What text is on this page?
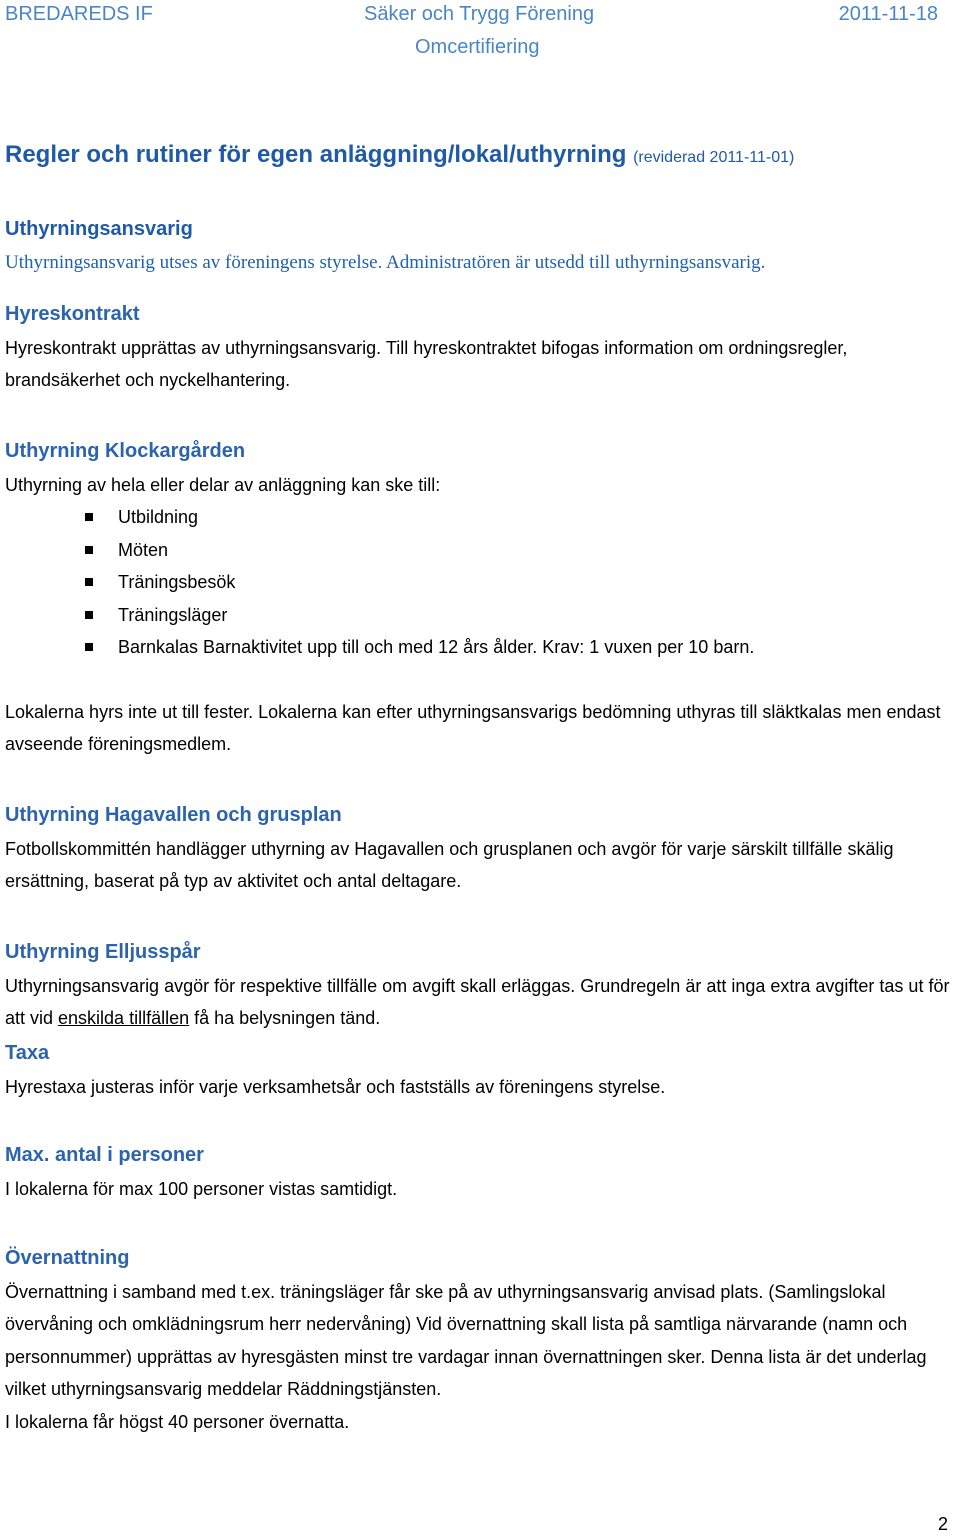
BREDAREDS IF	Säker och Trygg Förening	2011-11-18
Omcertifiering

Regler och rutiner för egen anläggning/lokal/uthyrning (reviderad 2011-11-01)

Uthyrningsansvarig

Uthyrningsansvarig utses av föreningens styrelse. Administratören är utsedd till uthyrningsansvarig.

Hyreskontrakt

Hyreskontrakt upprättas av uthyrningsansvarig. Till hyreskontraktet bifogas information om ordningsregler, brandsäkerhet och nyckelhantering.

Uthyrning Klockargården

Uthyrning av hela eller delar av anläggning kan ske till:

Utbildning
Möten
Träningsbesök
Träningsläger
Barnkalas Barnaktivitet upp till och med 12 års ålder. Krav: 1 vuxen per 10 barn.

Lokalerna hyrs inte ut till fester. Lokalerna kan efter uthyrningsansvarigs bedömning uthyras till släktkalas men endast avseende föreningsmedlem.

Uthyrning Hagavallen och grusplan

Fotbollskommittén handlägger uthyrning av Hagavallen och grusplanen och avgör för varje särskilt tillfälle skälig ersättning, baserat på typ av aktivitet och antal deltagare.

Uthyrning Elljusspår

Uthyrningsansvarig avgör för respektive tillfälle om avgift skall erläggas. Grundregeln är att inga extra avgifter tas ut för att vid enskilda tillfällen få ha belysningen tänd.

Taxa

Hyrestaxa justeras inför varje verksamhetsår och fastställs av föreningens styrelse.

Max. antal i personer

I lokalerna för max 100 personer vistas samtidigt.

Övernattning

Övernattning i samband med t.ex. träningsläger får ske på av uthyrningsansvarig anvisad plats. (Samlingslokal övervåning och omklädningsrum herr nedervåning) Vid övernattning skall lista på samtliga närvarande (namn och personnummer) upprättas av hyresgästen minst tre vardagar innan övernattningen sker. Denna lista är det underlag vilket uthyrningsansvarig meddelar Räddningstjänsten.

I lokalerna får högst 40 personer övernatta.

2
